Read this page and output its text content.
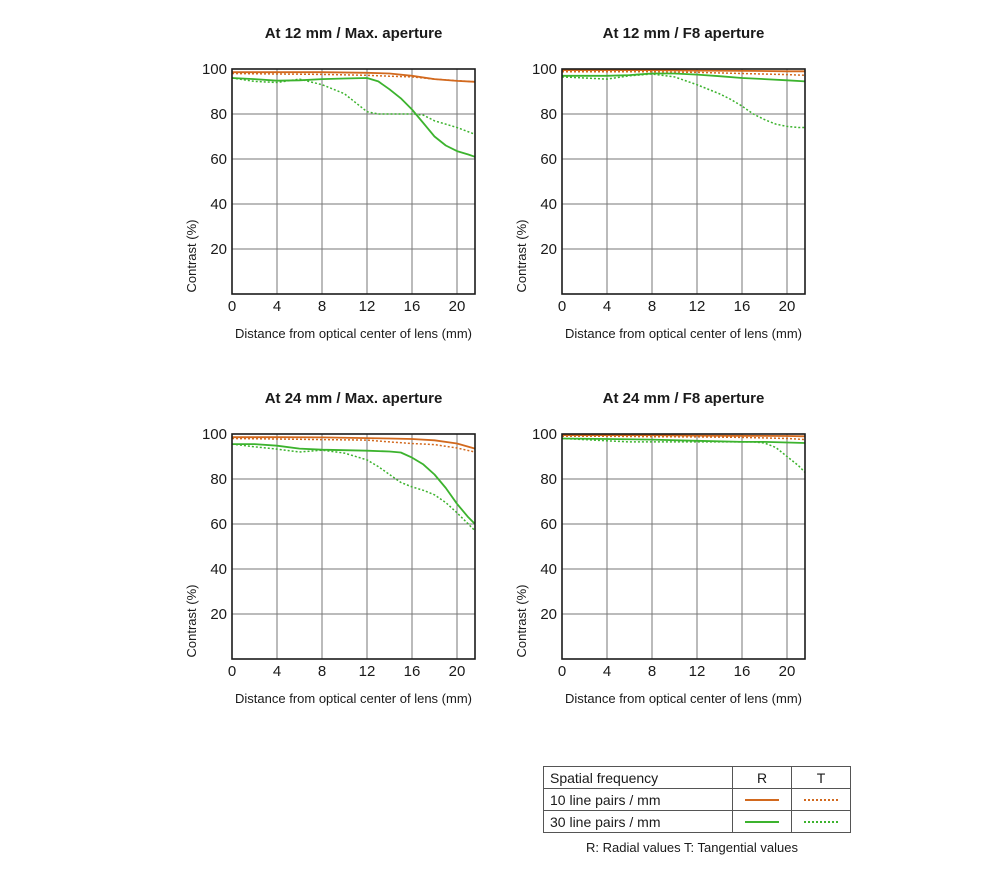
At 12 mm / Max. aperture
0 4 8 12 16 20
100
80
60
40
20
Distance from optical center of lens (mm)
Contrast (%)
At 12 mm / F8 aperture
0 4 8 12 16 20
100
80
60
40
20
Distance from optical center of lens (mm)
Contrast (%)
At 24 mm / Max. aperture
0 4 8 12 16 20
100
80
60
40
20
Distance from optical center of lens (mm)
Contrast (%)
At 24 mm / F8 aperture
0 4 8 12 16 20
100
80
60
40
20
Distance from optical center of lens (mm)
Contrast (%)
Spatial frequency	R	T
10 line pairs / mm	

30 line pairs / mm	

R: Radial values T: Tangential values
